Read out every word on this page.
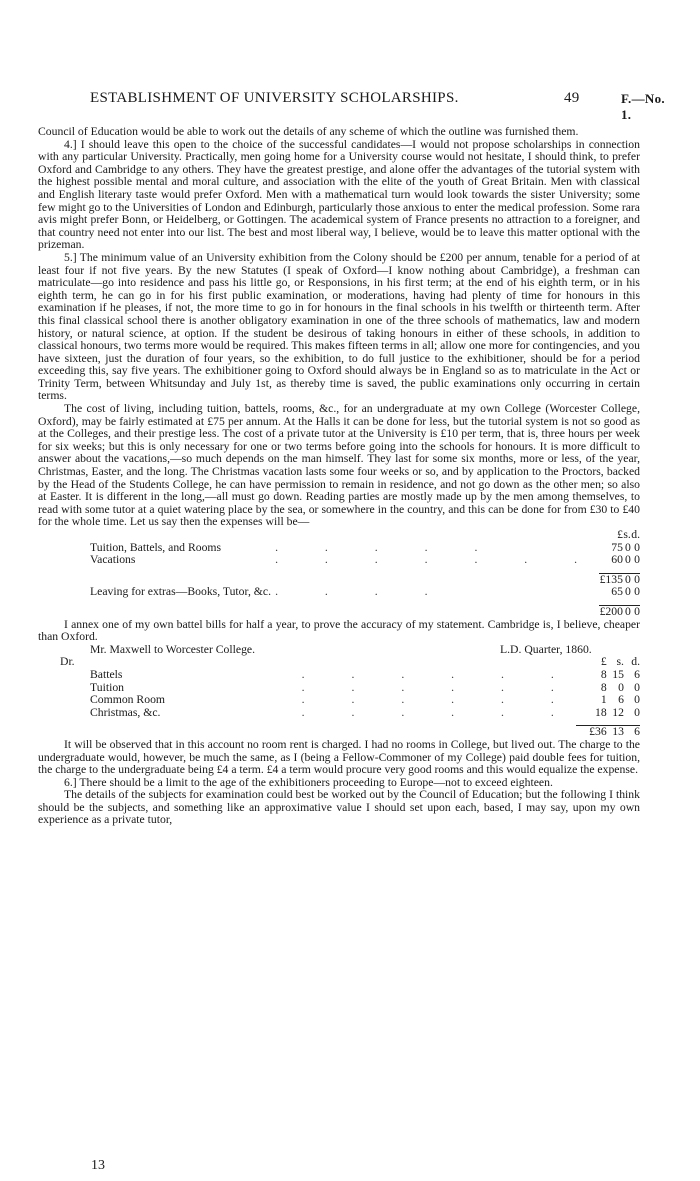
ESTABLISHMENT OF UNIVERSITY SCHOLARSHIPS.	49	F.—No. 1.

Council of Education would be able to work out the details of any scheme of which the outline was furnished them.

4.] I should leave this open to the choice of the successful candidates—I would not propose scholarships in connection with any particular University. Practically, men going home for a University course would not hesitate, I should think, to prefer Oxford and Cambridge to any others. They have the greatest prestige, and alone offer the advantages of the tutorial system with the highest possible mental and moral culture, and association with the elite of the youth of Great Britain. Men with classical and English literary taste would prefer Oxford. Men with a mathematical turn would look towards the sister University; some few might go to the Universities of London and Edinburgh, particularly those anxious to enter the medical profession. Some rara avis might prefer Bonn, or Heidelberg, or Gottingen. The academical system of France presents no attraction to a foreigner, and that country need not enter into our list. The best and most liberal way, I believe, would be to leave this matter optional with the prizeman.

5.] The minimum value of an University exhibition from the Colony should be £200 per annum, tenable for a period of at least four if not five years. By the new Statutes (I speak of Oxford—I know nothing about Cambridge), a freshman can matriculate—go into residence and pass his little go, or Responsions, in his first term; at the end of his eighth term, or in his eighth term, he can go in for his first public examination, or moderations, having had plenty of time for honours in this examination if he pleases, if not, the more time to go in for honours in the final schools in his twelfth or thirteenth term. After this final classical school there is another obligatory examination in one of the three schools of mathematics, law and modern history, or natural science, at option. If the student be desirous of taking honours in either of these schools, in addition to classical honours, two terms more would be required. This makes fifteen terms in all; allow one more for contingencies, and you have sixteen, just the duration of four years, so the exhibition, to do full justice to the exhibitioner, should be for a period exceeding this, say five years. The exhibitioner going to Oxford should always be in England so as to matriculate in the Act or Trinity Term, between Whitsunday and July 1st, as thereby time is saved, the public examinations only occurring in certain terms.

The cost of living, including tuition, battels, rooms, &c., for an undergraduate at my own College (Worcester College, Oxford), may be fairly estimated at £75 per annum. At the Halls it can be done for less, but the tutorial system is not so good as at the Colleges, and their prestige less. The cost of a private tutor at the University is £10 per term, that is, three hours per week for six weeks; but this is only necessary for one or two terms before going into the schools for honours. It is more difficult to answer about the vacations,—so much depends on the man himself. They last for some six months, more or less, of the year, Christmas, Easter, and the long. The Christmas vacation lasts some four weeks or so, and by application to the Proctors, backed by the Head of the Students College, he can have permission to remain in residence, and not go down as the other men; so also at Easter. It is different in the long,—all must go down. Reading parties are mostly made up by the men among themselves, to read with some tutor at a quiet watering place by the sea, or somewhere in the country, and this can be done for from £30 to £40 for the whole time. Let us say then the expenses will be—

		£	s.	d.
Tuition, Battels, and Rooms	. . . . .	75	0	0
Vacations	. . . . . . .	60	0	0

		£135	0	0
Leaving for extras—Books, Tutor, &c.	. . . .	65	0	0

		£200	0	0

I annex one of my own battel bills for half a year, to prove the accuracy of my statement. Cambridge is, I believe, cheaper than Oxford.

Mr. Maxwell to Worcester College.	L.D. Quarter, 1860.
Dr.		£	s.	d.
Battels	. . . . . .	8	15	6
Tuition	. . . . . .	8	0	0
Common Room	. . . . . .	1	6	0
Christmas, &c.	. . . . . .	18	12	0

		£36	13	6

It will be observed that in this account no room rent is charged. I had no rooms in College, but lived out. The charge to the undergraduate would, however, be much the same, as I (being a Fellow-Commoner of my College) paid double fees for tuition, the charge to the undergraduate being £4 a term. £4 a term would procure very good rooms and this would equalize the expense.

6.] There should be a limit to the age of the exhibitioners proceeding to Europe—not to exceed eighteen.

The details of the subjects for examination could best be worked out by the Council of Education; but the following I think should be the subjects, and something like an approximative value I should set upon each, based, I may say, upon my own experience as a private tutor,

13
